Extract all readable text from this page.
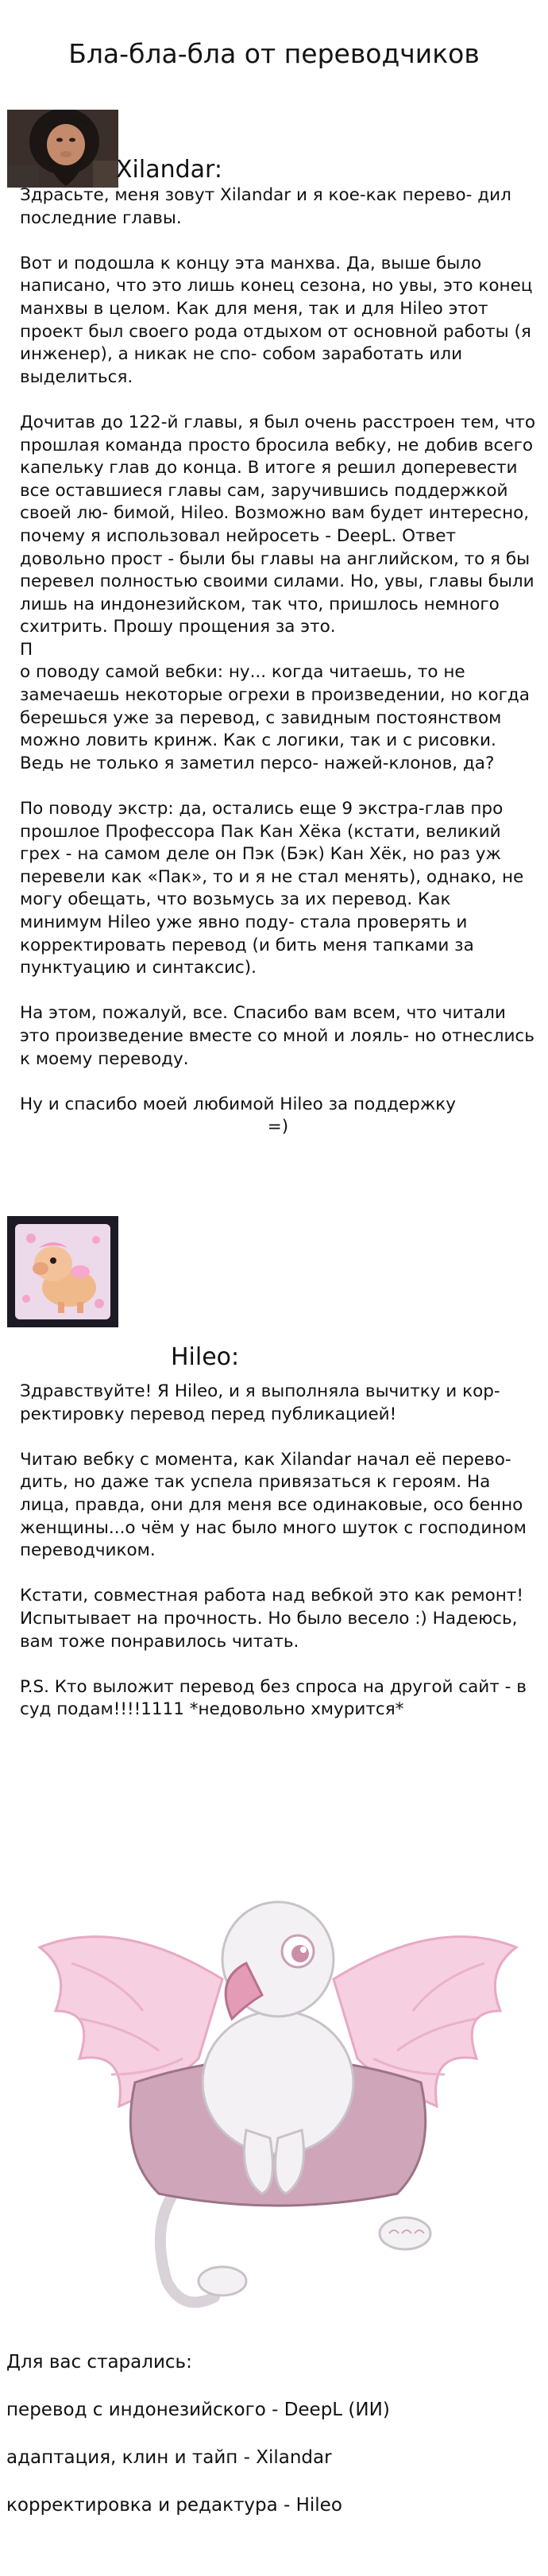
Бла-бла-бла от переводчиков
Xilandar:

Здрасьте, меня зовут Xilandar и я кое-как перево- дил последние главы.

Вот и подошла к концу эта манхва. Да, выше было написано, что это лишь конец сезона, но увы, это конец манхвы в целом. Как для меня, так и для Hileo этот проект был своего рода отдыхом от основной работы (я инженер), а никак не спо- собом заработать или выделиться.

Дочитав до 122-й главы, я был очень расстроен тем, что прошлая команда просто бросила вебку, не добив всего капельку глав до конца. В итоге я решил доперевести все оставшиеся главы сам, заручившись поддержкой своей лю- бимой, Hileo. Возможно вам будет интересно, почему я использовал нейросеть - DeepL. Ответ довольно прост - были бы главы на английском, то я бы перевел полностью своими силами. Но, увы, главы были лишь на индонезийском, так что, пришлось немного схитрить. Прошу прощения за это.

П

о поводу самой вебки: ну... когда читаешь, то не замечаешь некоторые огрехи в произведении, но когда берешься уже за перевод, с завидным постоянством можно ловить кринж. Как с логики, так и с рисовки. Ведь не только я заметил персо- нажей-клонов, да?

По поводу экстр: да, остались еще 9 экстра-глав про прошлое Профессора Пак Кан Хёка (кстати, великий грех - на самом деле он Пэк (Бэк) Кан Хёк, но раз уж перевели как «Пак», то и я не стал менять), однако, не могу обещать, что возьмусь за их перевод. Как минимум Hileo уже явно поду- стала проверять и корректировать перевод (и бить меня тапками за пунктуацию и синтаксис).

На этом, пожалуй, все. Спасибо вам всем, что читали это произведение вместе со мной и лояль- но отнеслись к моему переводу.

Ну и спасибо моей любимой Hileo за поддержку

=)

Hileo:

Здравствуйте! Я Hileo, и я выполняла вычитку и кор- ректировку перевод перед публикацией!

Читаю вебку с момента, как Xilandar начал её перево- дить, но даже так успела привязаться к героям. На лица, правда, они для меня все одинаковые, осо бенно женщины...о чём у нас было много шуток с господином переводчиком.

Кстати, совместная работа над вебкой это как ремонт! Испытывает на прочность. Но было весело :) Надеюсь, вам тоже понравилось читать.

P.S. Кто выложит перевод без спроса на другой сайт - в суд подам!!!!1111 *недовольно хмурится*

Для вас старались:

перевод с индонезийского - DeepL (ИИ)

адаптация, клин и тайп - Xilandar

корректировка и редактура - Hileo
